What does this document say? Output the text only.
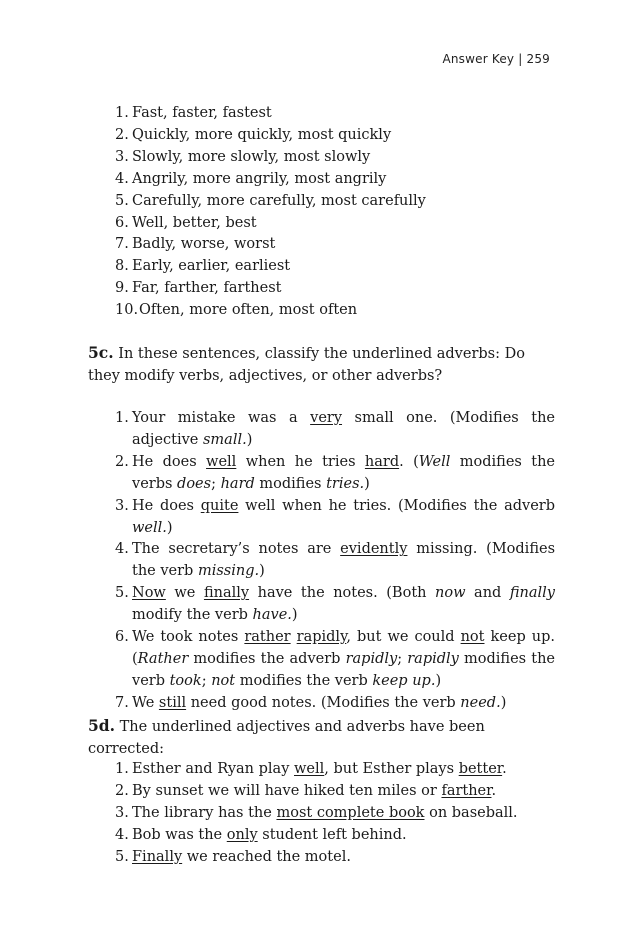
Answer Key | 259
1. Fast, faster, fastest
2. Quickly, more quickly, most quickly
3. Slowly, more slowly, most slowly
4. Angrily, more angrily, most angrily
5. Carefully, more carefully, most carefully
6. Well, better, best
7. Badly, worse, worst
8. Early, earlier, earliest
9. Far, farther, farthest
10. Often, more often, most often
5c. In these sentences, classify the underlined adverbs: Do they modify verbs, adjectives, or other adverbs?
1. Your mistake was a very small one. (Modifies the adjective small.)
2. He does well when he tries hard. (Well modifies the verbs does; hard modifies tries.)
3. He does quite well when he tries. (Modifies the adverb well.)
4. The secretary’s notes are evidently missing. (Modifies the verb missing.)
5. Now we finally have the notes. (Both now and finally modify the verb have.)
6. We took notes rather rapidly, but we could not keep up. (Rather modifies the adverb rapidly; rapidly modifies the verb took; not modifies the verb keep up.)
7. We still need good notes. (Modifies the verb need.)
5d. The underlined adjectives and adverbs have been corrected:
1. Esther and Ryan play well, but Esther plays better.
2. By sunset we will have hiked ten miles or farther.
3. The library has the most complete book on baseball.
4. Bob was the only student left behind.
5. Finally we reached the motel.
